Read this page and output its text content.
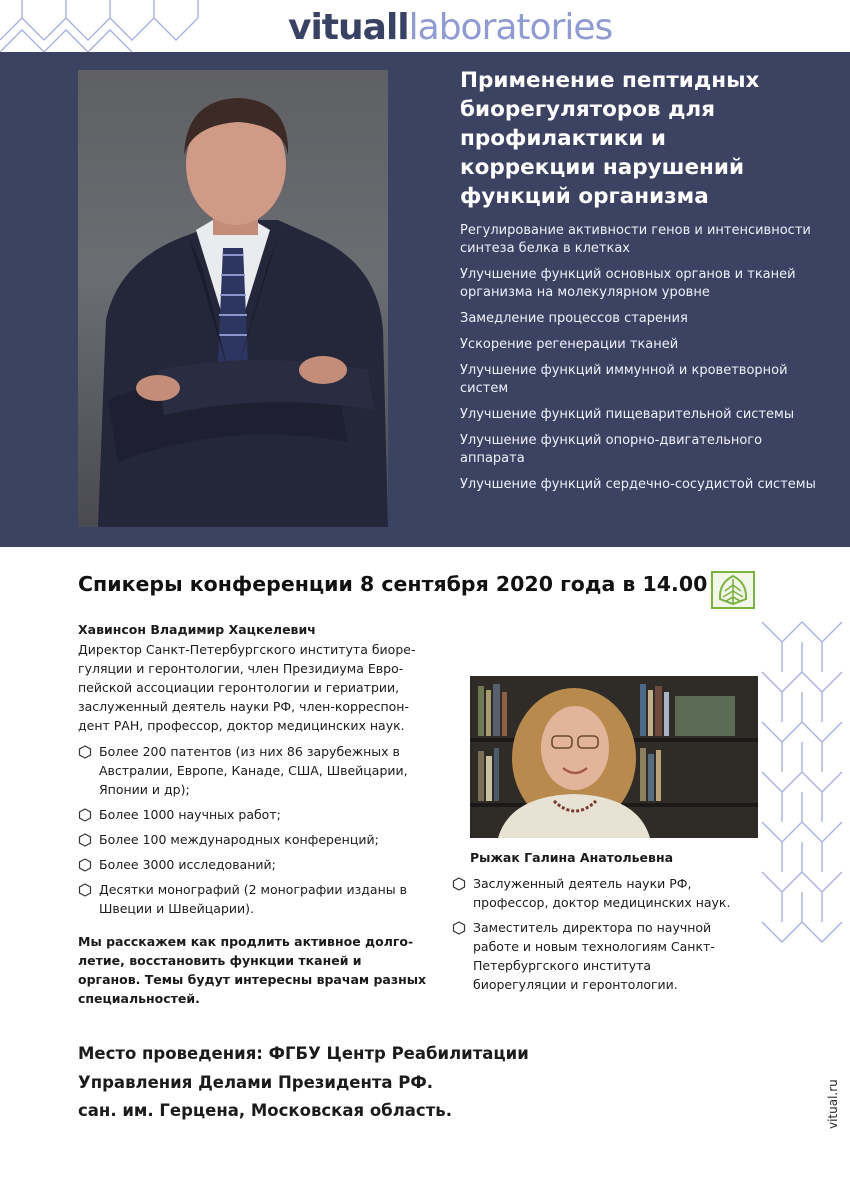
vitualllaboratories
Применение пептидных биорегуляторов для профилактики и коррекции нарушений функций организма
Регулирование активности генов и интенсивности синтеза белка в клетках
Улучшение функций основных органов и тканей организма на молекулярном уровне
Замедление процессов старения
Ускорение регенерации тканей
Улучшение функций иммунной и кроветворной систем
Улучшение функций пищеварительной системы
Улучшение функций опорно-двигательного аппарата
Улучшение функций сердечно-сосудистой системы
Спикеры конференции 8 сентября 2020 года в 14.00
Хавинсон Владимир Хацкелевич
Директор Санкт-Петербургского института биорегуляции и геронтологии, член Президиума Европейской ассоциации геронтологии и гериатрии, заслуженный деятель науки РФ, член-корреспондент РАН, профессор, доктор медицинских наук.
Более 200 патентов (из них 86 зарубежных в Австралии, Европе, Канаде, США, Швейцарии, Японии и др);
Более 1000 научных работ;
Более 100 международных конференций;
Более 3000 исследований;
Десятки монографий (2 монографии изданы в Швеции и Швейцарии).
Мы расскажем как продлить активное долголетие, восстановить функции тканей и органов. Темы будут интересны врачам разных специальностей.
Рыжак Галина Анатольевна
Заслуженный деятель науки РФ, профессор, доктор медицинских наук.
Заместитель директора по научной работе и новым технологиям Санкт-Петербургского института биорегуляции и геронтологии.
Место проведения: ФГБУ Центр Реабилитации
Управления Делами Президента РФ.
сан. им. Герцена, Московская область.	vitual.ru
